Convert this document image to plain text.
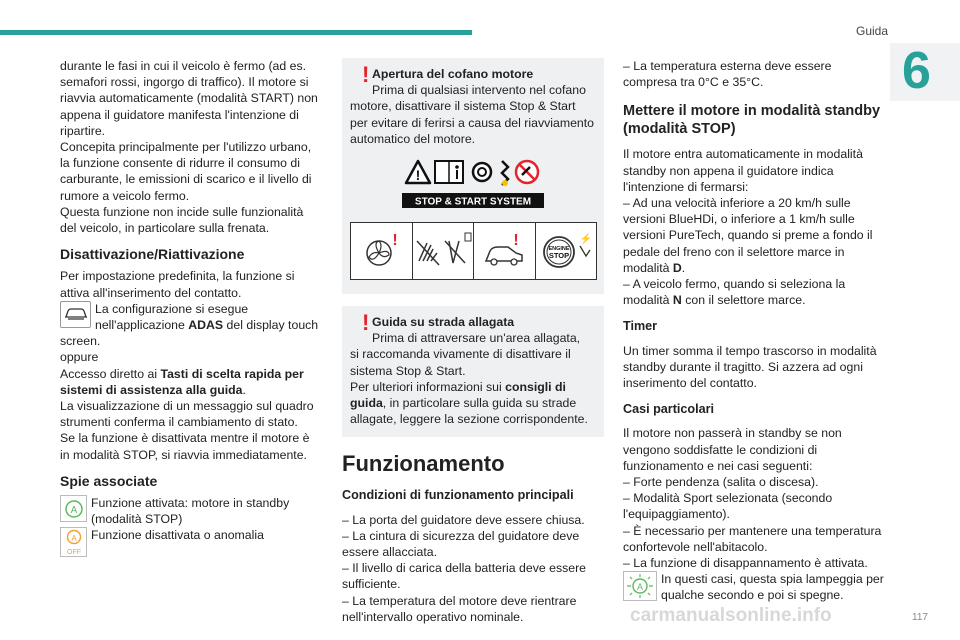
Guida
6

durante le fasi in cui il veicolo è fermo (ad es. semafori rossi, ingorgo di traffico). Il motore si riavvia automaticamente (modalità START) non appena il guidatore manifesta l'intenzione di ripartire.

Concepita principalmente per l'utilizzo urbano, la funzione consente di ridurre il consumo di carburante, le emissioni di scarico e il livello di rumore a veicolo fermo.

Questa funzione non incide sulle funzionalità del veicolo, in particolare sulla frenata.

Disattivazione/Riattivazione

Per impostazione predefinita, la funzione si attiva all'inserimento del contatto.

La configurazione si esegue nell'applicazione ADAS del display touch

screen.

oppure

Accesso diretto ai Tasti di scelta rapida per sistemi di assistenza alla guida.

La visualizzazione di un messaggio sul quadro strumenti conferma il cambiamento di stato.

Se la funzione è disattivata mentre il motore è in modalità STOP, si riavvia immediatamente.

Spie associate
A Funzione attivata: motore in standby (modalità STOP)

A
OFF

Funzione disattivata o anomalia

! Apertura del cofano motore

Prima di qualsiasi intervento nel cofano

motore, disattivare il sistema Stop & Start per evitare di ferirsi a causa del riavviamento automatico del motore.

!
STOP & START SYSTEM
!	!	ENGINE
STOP
⚡
! Guida su strada allagata

Prima di attraversare un'area allagata,

si raccomanda vivamente di disattivare il sistema Stop & Start.

Per ulteriori informazioni sui consigli di guida, in particolare sulla guida su strade allagate, leggere la sezione corrispondente.

Funzionamento
Condizioni di funzionamento principali

– La porta del guidatore deve essere chiusa.

– La cintura di sicurezza del guidatore deve essere allacciata.

– Il livello di carica della batteria deve essere sufficiente.

– La temperatura del motore deve rientrare nell'intervallo operativo nominale.

– La temperatura esterna deve essere compresa tra 0°C e 35°C.

Mettere il motore in modalità standby (modalità STOP)

Il motore entra automaticamente in modalità standby non appena il guidatore indica l'intenzione di fermarsi:

– Ad una velocità inferiore a 20 km/h sulle versioni BlueHDi, o inferiore a 1 km/h sulle versioni PureTech, quando si preme a fondo il pedale del freno con il selettore marce in modalità D.

– A veicolo fermo, quando si seleziona la modalità N con il selettore marce.

Timer

Un timer somma il tempo trascorso in modalità standby durante il tragitto. Si azzera ad ogni inserimento del contatto.

Casi particolari

Il motore non passerà in standby se non vengono soddisfatte le condizioni di funzionamento e nei casi seguenti:

– Forte pendenza (salita o discesa).

– Modalità Sport selezionata (secondo l'equipaggiamento).

– È necessario per mantenere una temperatura confortevole nell'abitacolo.

– La funzione di disappannamento è attivata.

A

In questi casi, questa spia lampeggia per qualche secondo e poi si spegne.

carmanualsonline.info	117
